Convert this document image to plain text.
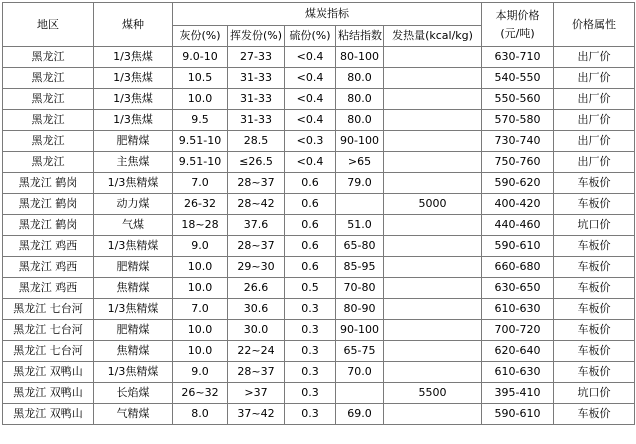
地区	煤种	煤炭指标					本期价格
(元/吨)	价格属性
		灰份(%)	挥发份(%)	硫份(%)	粘结指数	发热量(kcal/kg)		
黑龙江	1/3焦煤	9.0-10	27-33	<0.4	80-100		630-710	出厂价
黑龙江	1/3焦煤	10.5	31-33	<0.4	80.0		540-550	出厂价
黑龙江	1/3焦煤	10.0	31-33	<0.4	80.0		550-560	出厂价
黑龙江	1/3焦煤	9.5	31-33	<0.4	80.0		570-580	出厂价
黑龙江	肥精煤	9.51-10	28.5	<0.3	90-100		730-740	出厂价
黑龙江	主焦煤	9.51-10	≤26.5	<0.4	>65		750-760	出厂价
黑龙江 鹤岗	1/3焦精煤	7.0	28~37	0.6	79.0		590-620	车板价
黑龙江 鹤岗	动力煤	26-32	28~42	0.6		5000	400-420	车板价
黑龙江 鹤岗	气煤	18~28	37.6	0.6	51.0		440-460	坑口价
黑龙江 鸡西	1/3焦精煤	9.0	28~37	0.6	65-80		590-610	车板价
黑龙江 鸡西	肥精煤	10.0	29~30	0.6	85-95		660-680	车板价
黑龙江 鸡西	焦精煤	10.0	26.6	0.5	70-80		630-650	车板价
黑龙江 七台河	1/3焦精煤	7.0	30.6	0.3	80-90		610-630	车板价
黑龙江 七台河	肥精煤	10.0	30.0	0.3	90-100		700-720	车板价
黑龙江 七台河	焦精煤	10.0	22~24	0.3	65-75		620-640	车板价
黑龙江 双鸭山	1/3焦精煤	9.0	28~37	0.3	70.0		610-630	车板价
黑龙江 双鸭山	长焰煤	26~32	>37	0.3		5500	395-410	坑口价
黑龙江 双鸭山	气精煤	8.0	37~42	0.3	69.0		590-610	车板价
